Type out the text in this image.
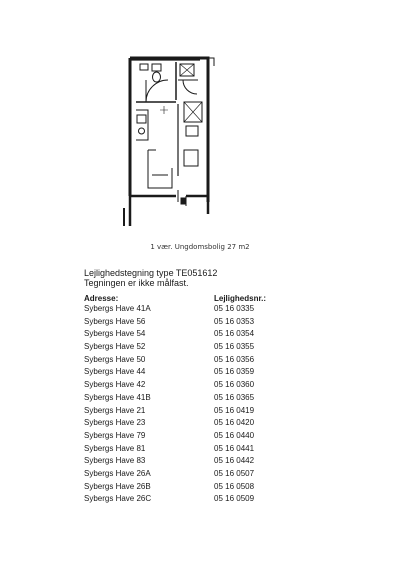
1 vær. Ungdomsbolig 27 m2
Lejlighedstegning type TE051612
Tegningen er ikke målfast.
Adresse:	Lejlighedsnr.:
Sybergs Have 41A	05 16 0335
Sybergs Have 56	05 16 0353
Sybergs Have 54	05 16 0354
Sybergs Have 52	05 16 0355
Sybergs Have 50	05 16 0356
Sybergs Have 44	05 16 0359
Sybergs Have 42	05 16 0360
Sybergs Have 41B	05 16 0365
Sybergs Have 21	05 16 0419
Sybergs Have 23	05 16 0420
Sybergs Have 79	05 16 0440
Sybergs Have 81	05 16 0441
Sybergs Have 83	05 16 0442
Sybergs Have 26A	05 16 0507
Sybergs Have 26B	05 16 0508
Sybergs Have 26C	05 16 0509
